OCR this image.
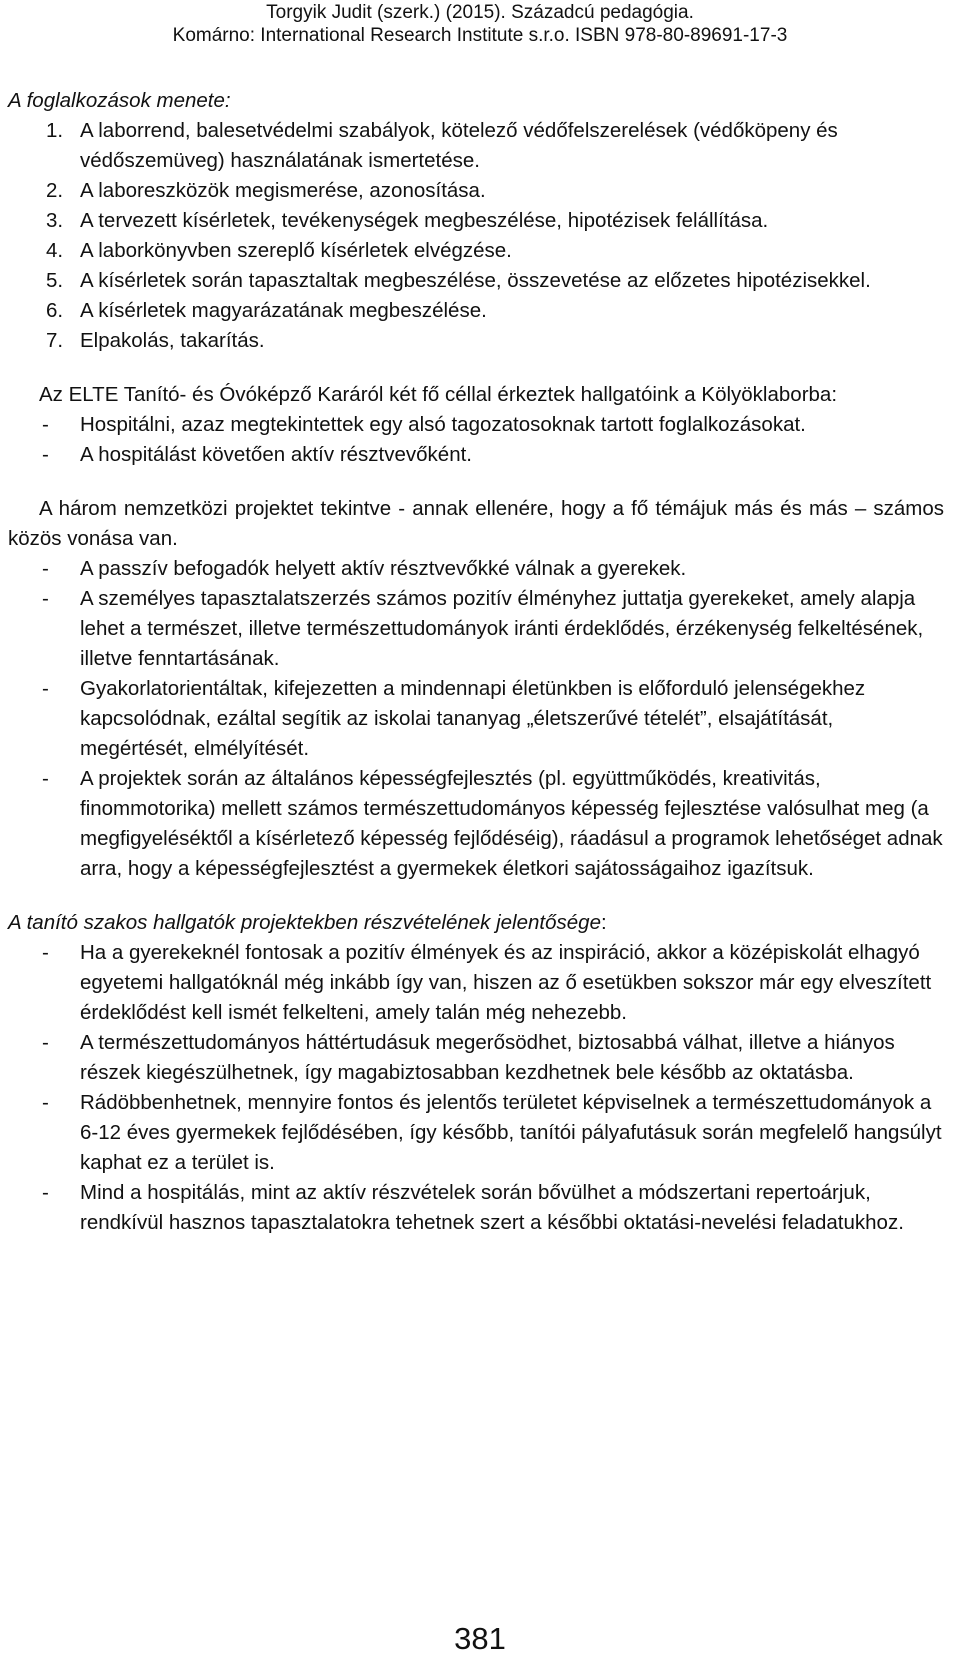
Torgyik Judit (szerk.) (2015). Századcú pedagógia.
Komárno: International Research Institute s.r.o. ISBN 978-80-89691-17-3

A foglalkozások menete:

1. A laborrend, balesetvédelmi szabályok, kötelező védőfelszerelések (védőköpeny és védőszemüveg) használatának ismertetése.
2. A laboreszközök megismerése, azonosítása.
3. A tervezett kísérletek, tevékenységek megbeszélése, hipotézisek felállítása.
4. A laborkönyvben szereplő kísérletek elvégzése.
5. A kísérletek során tapasztaltak megbeszélése, összevetése az előzetes hipotézisekkel.
6. A kísérletek magyarázatának megbeszélése.
7. Elpakolás, takarítás.

Az ELTE Tanító- és Óvóképző Karáról két fő céllal érkeztek hallgatóink a Kölyöklaborba:

- Hospitálni, azaz megtekintettek egy alsó tagozatosoknak tartott foglalkozásokat.
- A hospitálást követően aktív résztvevőként.

A három nemzetközi projektet tekintve - annak ellenére, hogy a fő témájuk más és más – számos közös vonása van.

- A passzív befogadók helyett aktív résztvevőkké válnak a gyerekek.
- A személyes tapasztalatszerzés számos pozitív élményhez juttatja gyerekeket, amely alapja lehet a természet, illetve természettudományok iránti érdeklődés, érzékenység felkeltésének, illetve fenntartásának.
- Gyakorlatorientáltak, kifejezetten a mindennapi életünkben is előforduló jelenségekhez kapcsolódnak, ezáltal segítik az iskolai tananyag „életszerűvé tételét”, elsajátítását, megértését, elmélyítését.
- A projektek során az általános képességfejlesztés (pl. együttműködés, kreativitás, finommotorika) mellett számos természettudományos képesség fejlesztése valósulhat meg (a megfigyeléséktől a kísérletező képesség fejlődéséig), ráadásul a programok lehetőséget adnak arra, hogy a képességfejlesztést a gyermekek életkori sajátosságaihoz igazítsuk.

A tanító szakos hallgatók projektekben részvételének jelentősége:

- Ha a gyerekeknél fontosak a pozitív élmények és az inspiráció, akkor a középiskolát elhagyó egyetemi hallgatóknál még inkább így van, hiszen az ő esetükben sokszor már egy elveszített érdeklődést kell ismét felkelteni, amely talán még nehezebb.
- A természettudományos háttértudásuk megerősödhet, biztosabbá válhat, illetve a hiányos részek kiegészülhetnek, így magabiztosabban kezdhetnek bele később az oktatásba.
- Rádöbbenhetnek, mennyire fontos és jelentős területet képviselnek a természettudományok a 6-12 éves gyermekek fejlődésében, így később, tanítói pályafutásuk során megfelelő hangsúlyt kaphat ez a terület is.
- Mind a hospitálás, mint az aktív részvételek során bővülhet a módszertani repertoárjuk, rendkívül hasznos tapasztalatokra tehetnek szert a későbbi oktatási-nevelési feladatukhoz.
381
